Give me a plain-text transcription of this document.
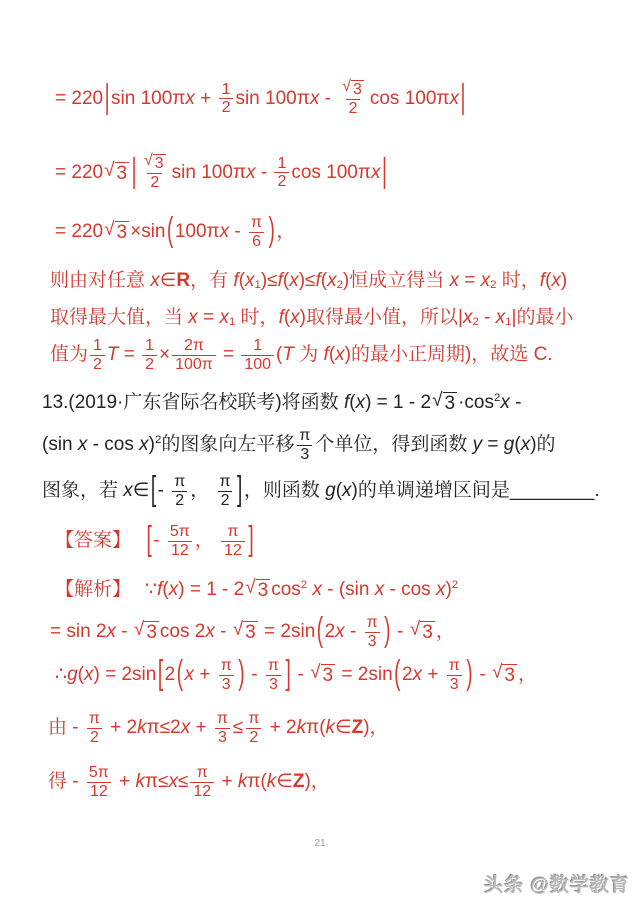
= 220 | sin 100π $x + \frac{1}{2}$ sin 100π x -
√ 3
2 cos 100π x |
= 220 √ 3 | √ 3
2 sin 100π x - 1
2 cos 100π x |
= 220 √ 3 ×sin ( 100π x - π
6 ) ，
则由对任意 x ∈ R ，有 f ( x 1 )≤ f ( x )≤ f ( x 2 )恒成立得当 x = x 2 时， f ( x )
取得最大值，当 x = x 1 时， f ( x )取得最小值，所以| x 2 - x 1 |的最小
值为 1
2 $T = \frac{1}{2} \times \frac{2\pi}{100\pi} = \frac{1}{100}$ ( T 为 f ( x )的最小正周期)，故选 C.
13.(2019·广东省际名校联考)将函数 f ( x ) = 1 - 2 √ 3 ·cos 2 x -
(sin x - cos x ) 2 的图象向左平移 π
3 个单位，得到函数 y = g ( x )的
图象，若 x ∈ [ - π
2 ， π
2 ] ，则函数 g ( x )的单调递增区间是________.
【答案】 [ - 5π
12 ， π
12 ]
【解析】 ∵ f ( x ) = 1 - 2 √ 3 cos 2
x - (sin x - cos x ) 2
= sin 2 x - √ 3 cos 2 x - √ 3 = 2sin ( 2 x - π
3 ) - √ 3 ，
∴ g ( x ) = 2sin [ 2 ( $x + \frac{\pi}{3}$ ) - π
3 ] - √ 3 = 2sin ( 2 $x + \frac{\pi}{3}$ ) - √ 3 ，
由 - π
2 + 2 k π≤2 $x + \frac{\pi}{3} \le \frac{\pi}{2} + 2$ k π( k ∈ Z )，
得 - 5π
12 + k $\pi\le x \le \frac{\pi}{12} + k$ π( k ∈ Z )，
21
头条 @数学教育
